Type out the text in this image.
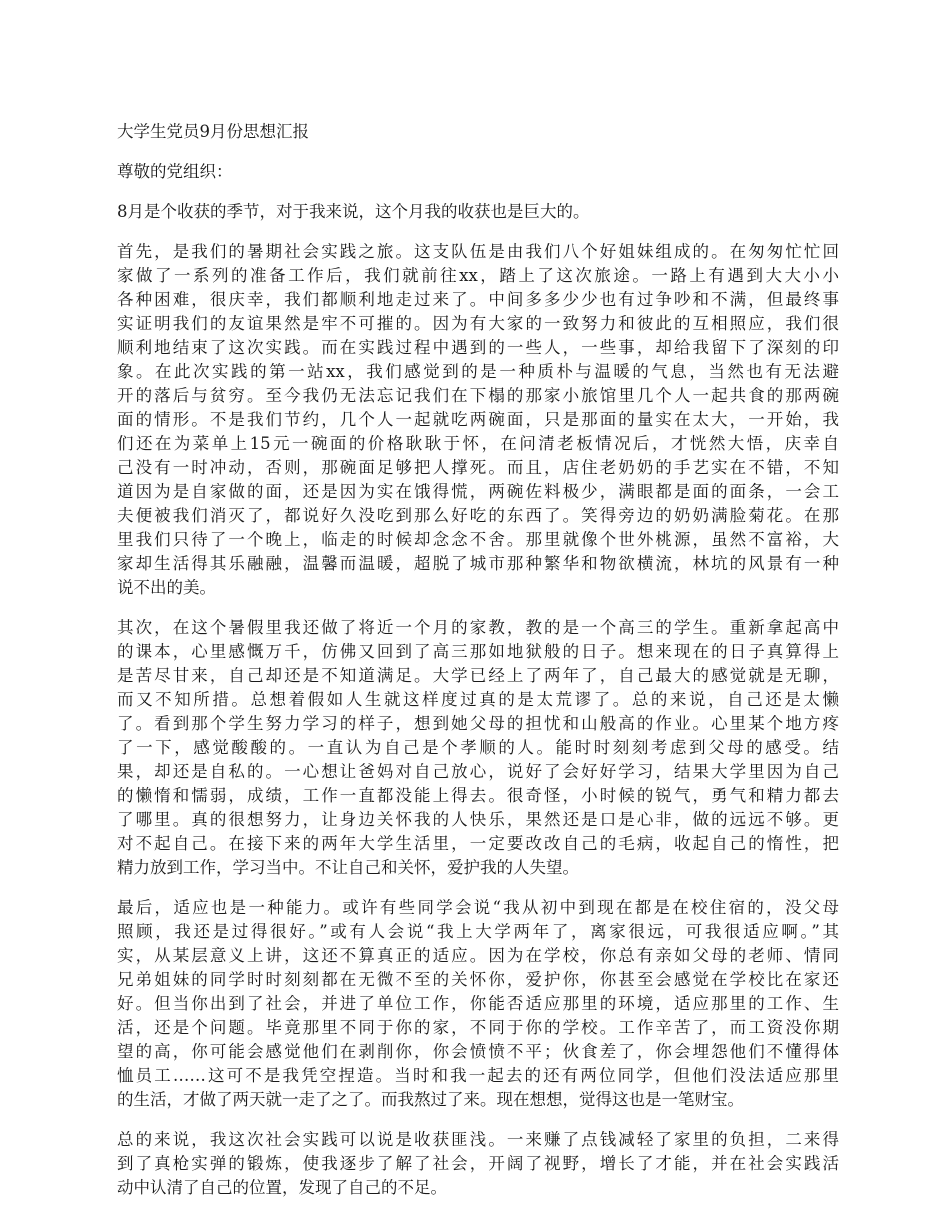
大学生党员9月份思想汇报
尊敬的党组织：
8月是个收获的季节，对于我来说，这个月我的收获也是巨大的。
首先，是我们的暑期社会实践之旅。这支队伍是由我们八个好姐妹组成的。在匆匆忙忙回
家做了一系列的准备工作后，我们就前往xx，踏上了这次旅途。一路上有遇到大大小小
各种困难，很庆幸，我们都顺利地走过来了。中间多多少少也有过争吵和不满，但最终事
实证明我们的友谊果然是牢不可摧的。因为有大家的一致努力和彼此的互相照应，我们很
顺利地结束了这次实践。而在实践过程中遇到的一些人，一些事，却给我留下了深刻的印
象。在此次实践的第一站xx，我们感觉到的是一种质朴与温暖的气息，当然也有无法避
开的落后与贫穷。至今我仍无法忘记我们在下榻的那家小旅馆里几个人一起共食的那两碗
面的情形。不是我们节约，几个人一起就吃两碗面，只是那面的量实在太大，一开始，我
们还在为菜单上15元一碗面的价格耿耿于怀，在问清老板情况后，才恍然大悟，庆幸自
己没有一时冲动，否则，那碗面足够把人撑死。而且，店住老奶奶的手艺实在不错，不知
道因为是自家做的面，还是因为实在饿得慌，两碗佐料极少，满眼都是面的面条，一会工
夫便被我们消灭了，都说好久没吃到那么好吃的东西了。笑得旁边的奶奶满脸菊花。在那
里我们只待了一个晚上，临走的时候却念念不舍。那里就像个世外桃源，虽然不富裕，大
家却生活得其乐融融，温馨而温暖，超脱了城市那种繁华和物欲横流，林坑的风景有一种
说不出的美。
其次，在这个暑假里我还做了将近一个月的家教，教的是一个高三的学生。重新拿起高中
的课本，心里感慨万千，仿佛又回到了高三那如地狱般的日子。想来现在的日子真算得上
是苦尽甘来，自己却还是不知道满足。大学已经上了两年了，自己最大的感觉就是无聊，
而又不知所措。总想着假如人生就这样度过真的是太荒谬了。总的来说，自己还是太懒
了。看到那个学生努力学习的样子，想到她父母的担忧和山般高的作业。心里某个地方疼
了一下，感觉酸酸的。一直认为自己是个孝顺的人。能时时刻刻考虑到父母的感受。结
果，却还是自私的。一心想让爸妈对自己放心，说好了会好好学习，结果大学里因为自己
的懒惰和懦弱，成绩，工作一直都没能上得去。很奇怪，小时候的锐气，勇气和精力都去
了哪里。真的很想努力，让身边关怀我的人快乐，果然还是口是心非，做的远远不够。更
对不起自己。在接下来的两年大学生活里，一定要改改自己的毛病，收起自己的惰性，把
精力放到工作，学习当中。不让自己和关怀，爱护我的人失望。
最后，适应也是一种能力。或许有些同学会说“我从初中到现在都是在校住宿的，没父母
照顾，我还是过得很好。”或有人会说“我上大学两年了，离家很远，可我很适应啊。”其
实，从某层意义上讲，这还不算真正的适应。因为在学校，你总有亲如父母的老师、情同
兄弟姐妹的同学时时刻刻都在无微不至的关怀你，爱护你，你甚至会感觉在学校比在家还
好。但当你出到了社会，并进了单位工作，你能否适应那里的环境，适应那里的工作、生
活，还是个问题。毕竟那里不同于你的家，不同于你的学校。工作辛苦了，而工资没你期
望的高，你可能会感觉他们在剥削你，你会愤愤不平；伙食差了，你会埋怨他们不懂得体
恤员工……这可不是我凭空捏造。当时和我一起去的还有两位同学，但他们没法适应那里
的生活，才做了两天就一走了之了。而我熬过了来。现在想想，觉得这也是一笔财宝。
总的来说，我这次社会实践可以说是收获匪浅。一来赚了点钱减轻了家里的负担，二来得
到了真枪实弹的锻炼，使我逐步了解了社会，开阔了视野，增长了才能，并在社会实践活
动中认清了自己的位置，发现了自己的不足。
